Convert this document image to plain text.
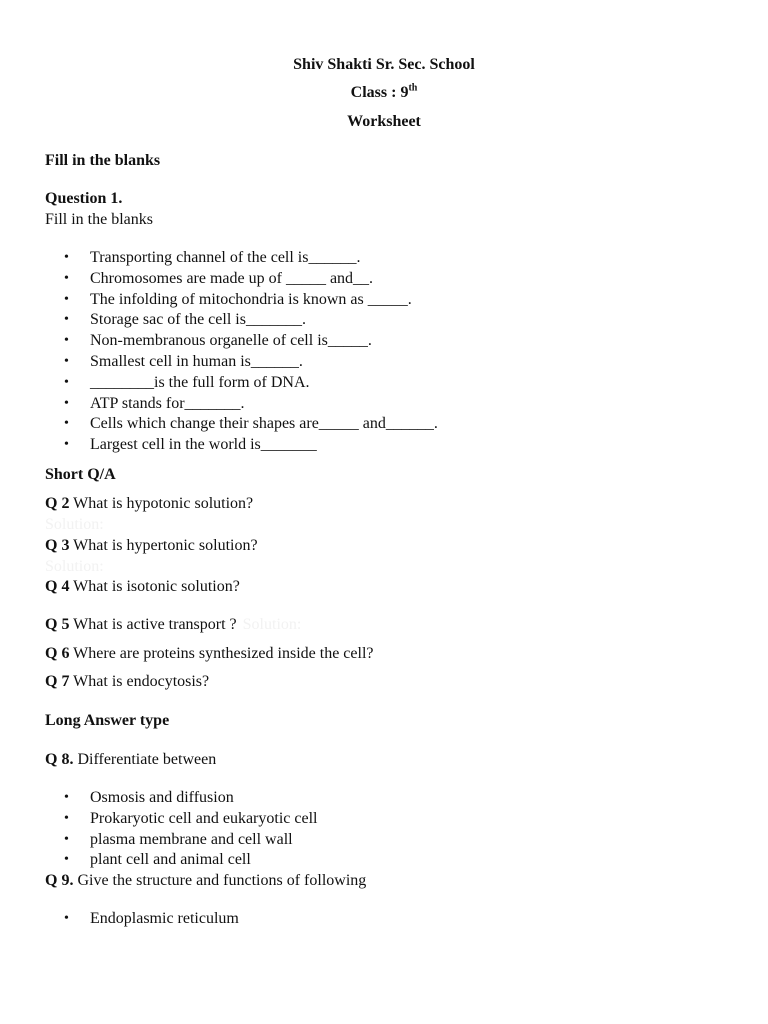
Shiv Shakti Sr. Sec. School
Class : 9th
Worksheet
Fill in the blanks
Question 1.
Fill in the blanks
• Transporting channel of the cell is______.
• Chromosomes are made up of _____ and__.
• The infolding of mitochondria is known as _____.
• Storage sac of the cell is_______.
• Non-membranous organelle of cell is_____.
• Smallest cell in human is______.
• ________is the full form of DNA.
• ATP stands for_______.
• Cells which change their shapes are_____ and______.
• Largest cell in the world is_______
Short Q/A
Q 2 What is hypotonic solution?
Solution:
Q 3 What is hypertonic solution?
Solution:
Q 4 What is isotonic solution?
Q 5 What is active transport ? Solution:
Q 6 Where are proteins synthesized inside the cell?
Q 7 What is endocytosis?
Long Answer type
Q 8. Differentiate between
• Osmosis and diffusion
• Prokaryotic cell and eukaryotic cell
• plasma membrane and cell wall
• plant cell and animal cell
Q 9. Give the structure and functions of following
• Endoplasmic reticulum
